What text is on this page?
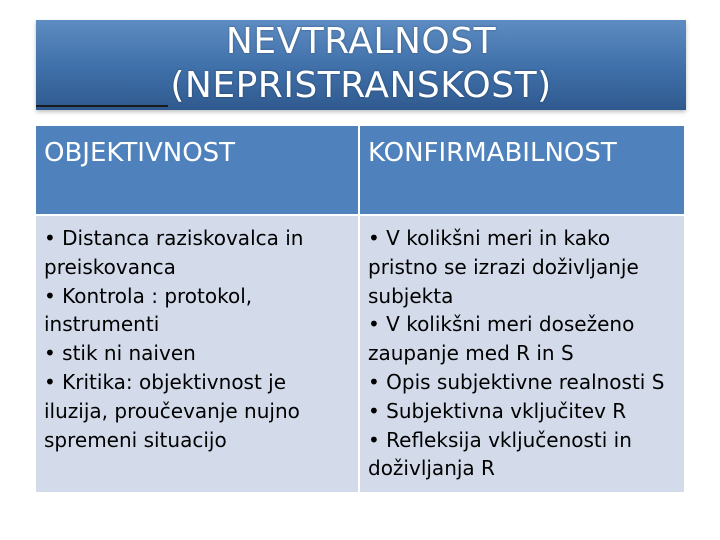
NEVTRALNOST
(NEPRISTRANSKOST)
OBJEKTIVNOST	KONFIRMABILNOST
• Distanca raziskovalca in
preiskovanca
• Kontrola : protokol,
instrumenti
• stik ni naiven
• Kritika: objektivnost je
iluzija, proučevanje nujno
spremeni situacijo
• V kolikšni meri in kako
pristno se izrazi doživljanje
subjekta
• V kolikšni meri doseženo
zaupanje med R in S
• Opis subjektivne realnosti S
• Subjektivna vključitev R
• Refleksija vključenosti in
doživljanja R
